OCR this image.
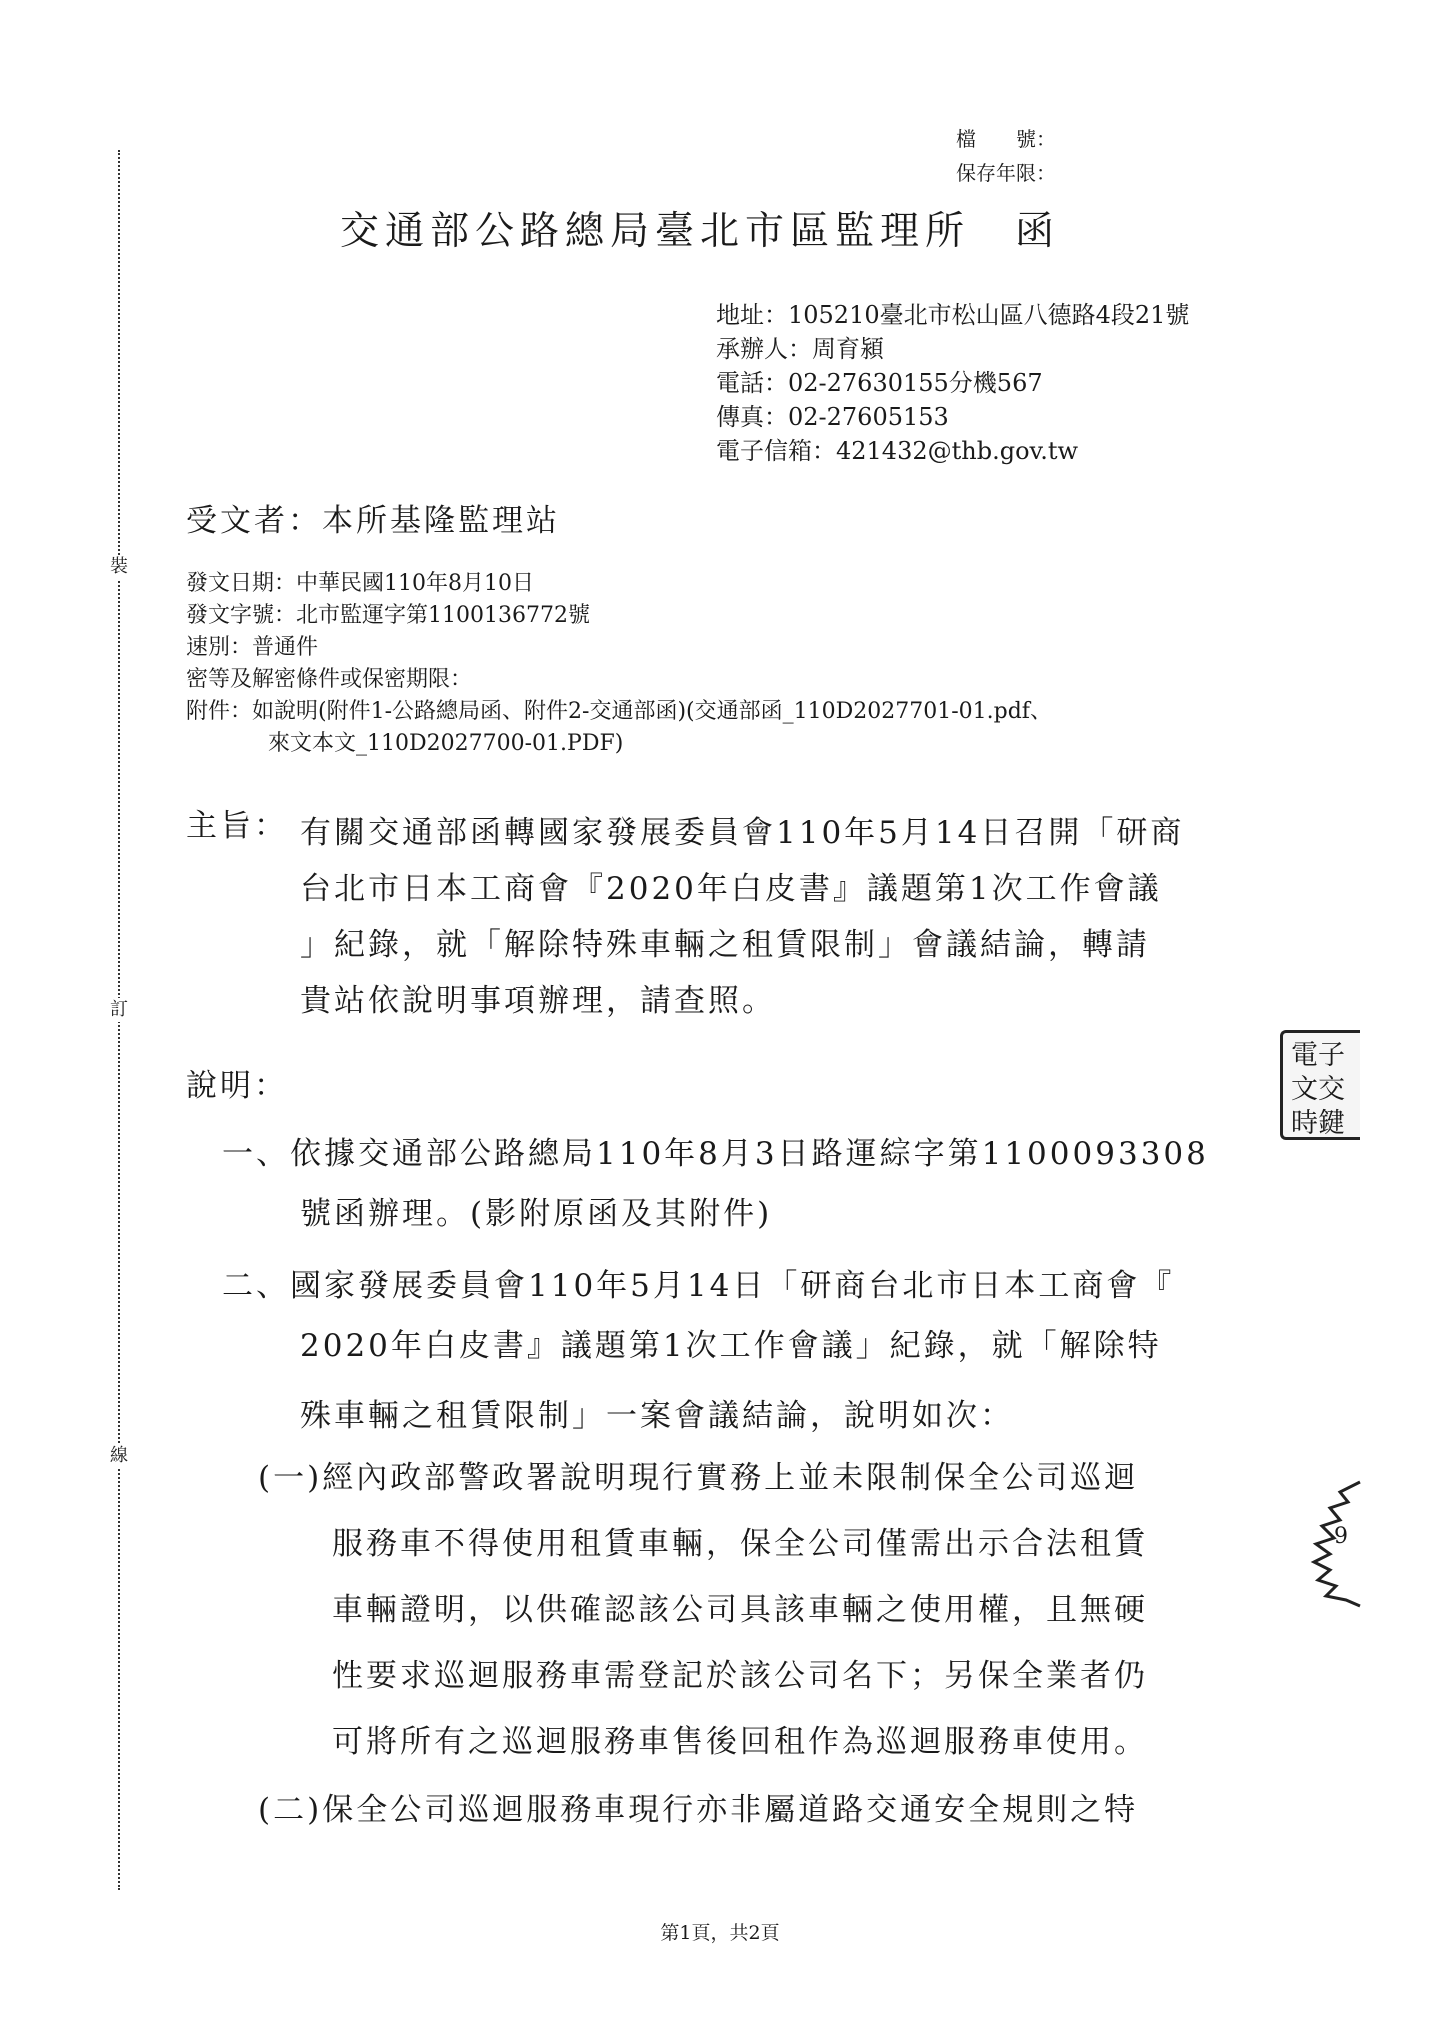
裝
訂
線
檔　　號：
保存年限：
交通部公路總局臺北市區監理所　函
地址：105210臺北市松山區八德路4段21號
承辦人：周育潁
電話：02-27630155分機567
傳真：02-27605153
電子信箱：421432@thb.gov.tw
受文者：本所基隆監理站
發文日期：中華民國110年8月10日
發文字號：北市監運字第1100136772號
速別：普通件
密等及解密條件或保密期限：
附件：如說明(附件1-公路總局函、附件2-交通部函)(交通部函_110D2027701-01.pdf、
來文本文_110D2027700-01.PDF)
主旨： 有關交通部函轉國家發展委員會110年5月14日召開「研商
台北市日本工商會『2020年白皮書』議題第1次工作會議
」紀錄，就「解除特殊車輛之租賃限制」會議結論，轉請
貴站依說明事項辦理，請查照。
說明：
一、依據交通部公路總局110年8月3日路運綜字第1100093308
號函辦理。(影附原函及其附件)
二、國家發展委員會110年5月14日「研商台北市日本工商會『
2020年白皮書』議題第1次工作會議」紀錄，就「解除特
殊車輛之租賃限制」一案會議結論，說明如次：
(一)經內政部警政署說明現行實務上並未限制保全公司巡迴
服務車不得使用租賃車輛，保全公司僅需出示合法租賃
車輛證明，以供確認該公司具該車輛之使用權，且無硬
性要求巡迴服務車需登記於該公司名下；另保全業者仍
可將所有之巡迴服務車售後回租作為巡迴服務車使用。
(二)保全公司巡迴服務車現行亦非屬道路交通安全規則之特
電子
文交
時鍵
9
第1頁，共2頁
